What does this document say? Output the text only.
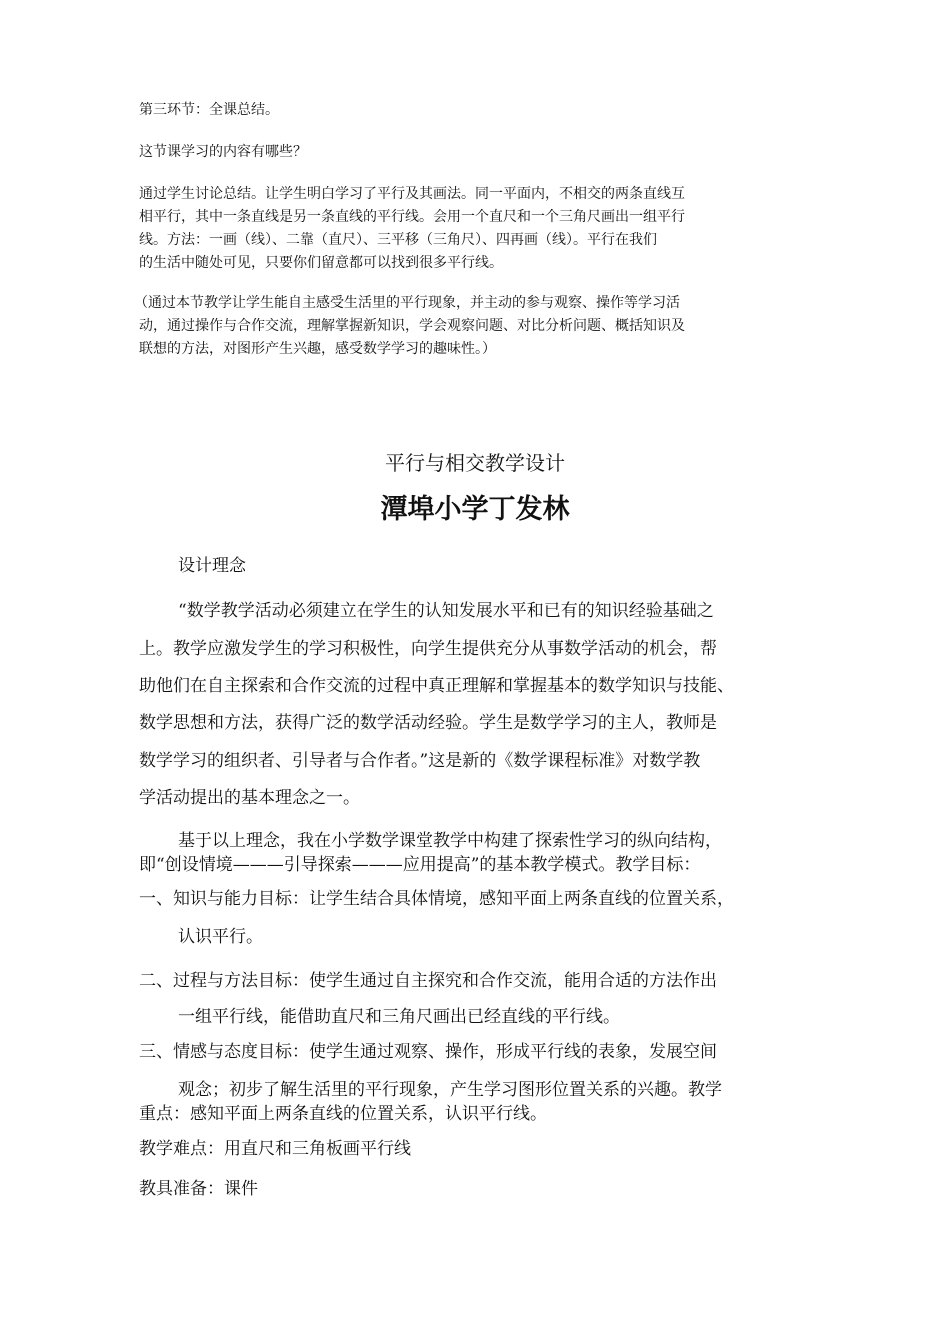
第三环节：全课总结。
这节课学习的内容有哪些？
通过学生讨论总结。让学生明白学习了平行及其画法。同一平面内，不相交的两条直线互
相平行，其中一条直线是另一条直线的平行线。会用一个直尺和一个三角尺画出一组平行
线。方法：一画（线）、二靠（直尺）、三平移（三角尺）、四再画（线）。平行在我们
的生活中随处可见，只要你们留意都可以找到很多平行线。
（通过本节教学让学生能自主感受生活里的平行现象，并主动的参与观察、操作等学习活
动，通过操作与合作交流，理解掌握新知识，学会观察问题、对比分析问题、概括知识及
联想的方法，对图形产生兴趣，感受数学学习的趣味性。）
平行与相交教学设计
潭埠小学丁发林
设计理念
“数学教学活动必须建立在学生的认知发展水平和已有的知识经验基础之
上。教学应激发学生的学习积极性，向学生提供充分从事数学活动的机会，帮
助他们在自主探索和合作交流的过程中真正理解和掌握基本的数学知识与技能、
数学思想和方法，获得广泛的数学活动经验。学生是数学学习的主人，教师是
数学学习的组织者、引导者与合作者。”这是新的《数学课程标准》对数学教
学活动提出的基本理念之一。
基于以上理念，我在小学数学课堂教学中构建了探索性学习的纵向结构，
即“创设情境———引导探索———应用提高”的基本教学模式。教学目标：
一、知识与能力目标：让学生结合具体情境，感知平面上两条直线的位置关系，
认识平行。
二、过程与方法目标：使学生通过自主探究和合作交流，能用合适的方法作出
一组平行线，能借助直尺和三角尺画出已经直线的平行线。
三、情感与态度目标：使学生通过观察、操作，形成平行线的表象，发展空间
观念；初步了解生活里的平行现象，产生学习图形位置关系的兴趣。教学
重点：感知平面上两条直线的位置关系，认识平行线。
教学难点：用直尺和三角板画平行线
教具准备：课件
